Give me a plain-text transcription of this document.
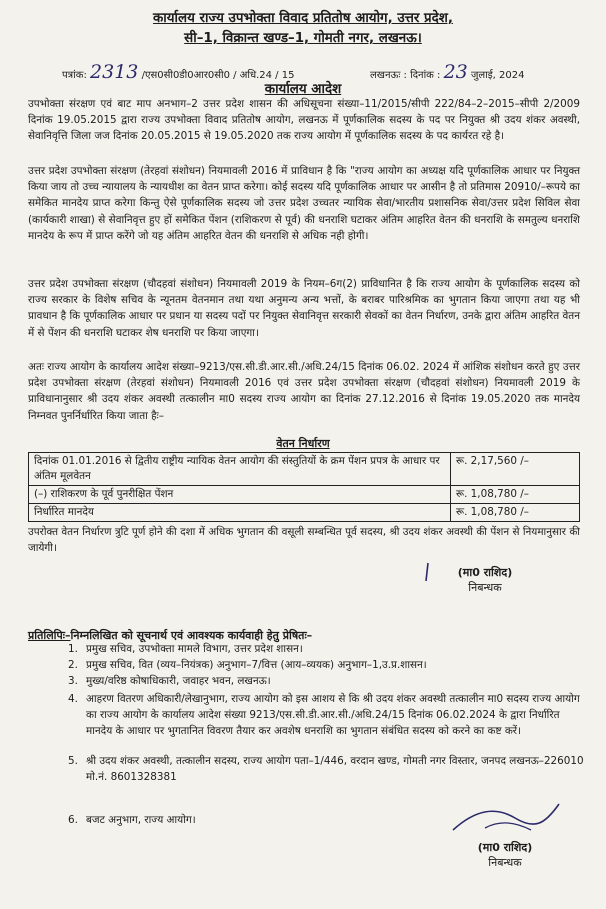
कार्यालय राज्य उपभोक्ता विवाद प्रतितोष आयोग, उत्तर प्रदेश,
सी–1, विक्रान्त खण्ड–1, गोमती नगर, लखनऊ।
पत्रांक: 2313 /एस0सी0डी0आर0सी0 / अधि.24 / 15	लखनऊः : दिनांक : 23 जुलाई, 2024
कार्यालय आदेश
उपभोक्ता संरक्षण एवं बाट माप अनभाग–2 उत्तर प्रदेश शासन की अधिसूचना संख्या–11/2015/सीपी 222/84–2–2015–सीपी 2/2009 दिनांक 19.05.2015 द्वारा राज्य उपभोक्ता विवाद प्रतितोष आयोग, लखनऊ में पूर्णकालिक सदस्य के पद पर नियुक्त श्री उदय शंकर अवस्थी, सेवानिवृत्ति जिला जज दिनांक 20.05.2015 से 19.05.2020 तक राज्य आयोग में पूर्णकालिक सदस्य के पद कार्यरत रहे है।
उत्तर प्रदेश उपभोक्ता संरक्षण (तेरहवां संशोधन) नियमावली 2016 में प्राविधान है कि "राज्य आयोग का अध्यक्ष यदि पूर्णकालिक आधार पर नियुक्त किया जाय तो उच्च न्यायालय के न्यायधीश का वेतन प्राप्त करेगा। कोई सदस्य यदि पूर्णकालिक आधार पर आसीन है तो प्रतिमास 20910/–रूपये का समेकित मानदेय प्राप्त करेगा किन्तु ऐसे पूर्णकालिक सदस्य जो उत्तर प्रदेश उच्चतर न्यायिक सेवा/भारतीय प्रशासनिक सेवा/उत्तर प्रदेश सिविल सेवा (कार्यकारी शाखा) से सेवानिवृत्त हुए हों समेकित पेंशन (राशिकरण से पूर्व) की धनराशि घटाकर अंतिम आहरित वेतन की धनराशि के समतुल्य धनराशि मानदेय के रूप में प्राप्त करेंगे जो यह अंतिम आहरित वेतन की धनराशि से अधिक नही होगी।
उत्तर प्रदेश उपभोक्ता संरक्षण (चौदहवां संशोधन) नियमावली 2019 के नियम–6ग(2) प्राविधानित है कि राज्य आयोग के पूर्णकालिक सदस्य को राज्य सरकार के विशेष सचिव के न्यूनतम वेतनमान तथा यथा अनुमन्य अन्य भत्तों, के बराबर पारिश्रमिक का भुगतान किया जाएगा तथा यह भी प्रावधान है कि पूर्णकालिक आधार पर प्रधान या सदस्य पदों पर नियुक्त सेवानिवृत्त सरकारी सेवकों का वेतन निर्धारण, उनके द्वारा अंतिम आहरित वेतन में से पेंशन की धनराशि घटाकर शेष धनराशि पर किया जाएगा।
अतः राज्य आयोग के कार्यालय आदेश संख्या–9213/एस.सी.डी.आर.सी./अधि.24/15 दिनांक 06.02. 2024 में आंशिक संशोधन करते हुए उत्तर प्रदेश उपभोक्ता संरक्षण (तेरहवां संशोधन) नियमावली 2016 एवं उत्तर प्रदेश उपभोक्ता संरक्षण (चौदहवां संशोधन) नियमावली 2019 के प्राविधानानुसार श्री उदय शंकर अवस्थी तत्कालीन मा0 सदस्य राज्य आयोग का दिनांक 27.12.2016 से दिनांक 19.05.2020 तक मानदेय निम्नवत पुनर्निर्धारित किया जाता हैः–
वेतन निर्धारण
दिनांक 01.01.2016 से द्वितीय राष्ट्रीय न्यायिक वेतन आयोग की संस्तुतियों के क्रम पेंशन प्रपत्र के आधार पर अंतिम मूलवेतन	रू. 2,17,560 /–
(–) राशिकरण के पूर्व पुनरीक्षित पेंशन	रू. 1,08,780 /–
निर्धारित मानदेय	रू. 1,08,780 /–
उपरोक्त वेतन निर्धारण त्रुटि पूर्ण होने की दशा में अधिक भुगतान की वसूली सम्बन्धित पूर्व सदस्य, श्री उदय शंकर अवस्थी की पेंशन से नियमानुसार की जायेगी।
(मा0 राशिद)
निबन्धक
प्रतिलिपिः–निम्नलिखित को सूचनार्थ एवं आवश्यक कार्यवाही हेतु प्रेषितः–
1. प्रमुख सचिव, उपभोक्ता मामले विभाग, उत्तर प्रदेश शासन।
2. प्रमुख सचिव, वित (व्यय–नियंत्रक) अनुभाग–7/वित्त (आय–व्ययक) अनुभाग–1,उ.प्र.शासन।
3. मुख्य/वरिष्ठ कोषाधिकारी, जवाहर भवन, लखनऊ।
4. आहरण वितरण अधिकारी/लेखानुभाग, राज्य आयोग को इस आशय से कि श्री उदय शंकर अवस्थी तत्कालीन मा0 सदस्य राज्य आयोग का राज्य आयोग के कार्यालय आदेश संख्या 9213/एस.सी.डी.आर.सी./अधि.24/15 दिनांक 06.02.2024 के द्वारा निर्धारित मानदेय के आधार पर भुगतानित विवरण तैयार कर अवशेष धनराशि का भुगतान संबंधित सदस्य को करने का कष्ट करें।
5. श्री उदय शंकर अवस्थी, तत्कालीन सदस्य, राज्य आयोग पता–1/446, वरदान खण्ड, गोमती नगर विस्तार, जनपद लखनऊ–226010 मो.नं. 8601328381
6. बजट अनुभाग, राज्य आयोग।
(मा0 राशिद)
निबन्धक
